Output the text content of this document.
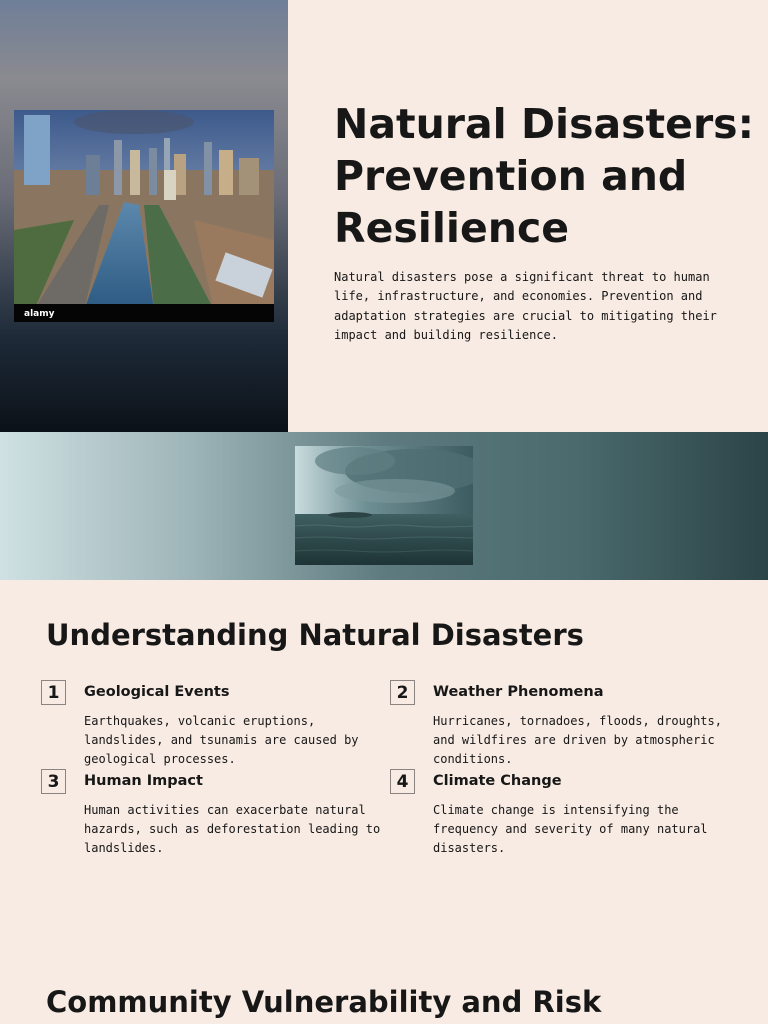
alamy
Natural Disasters: Prevention and Resilience

Natural disasters pose a significant threat to human life, infrastructure, and economies. Prevention and adaptation strategies are crucial to mitigating their impact and building resilience.

Understanding Natural Disasters
1	Geological Events

Earthquakes, volcanic eruptions, landslides, and tsunamis are caused by geological processes.

2	Weather Phenomena

Hurricanes, tornadoes, floods, droughts, and wildfires are driven by atmospheric conditions.

3	Human Impact

Human activities can exacerbate natural hazards, such as deforestation leading to landslides.

4	Climate Change

Climate change is intensifying the frequency and severity of many natural disasters.

Community Vulnerability and Risk
